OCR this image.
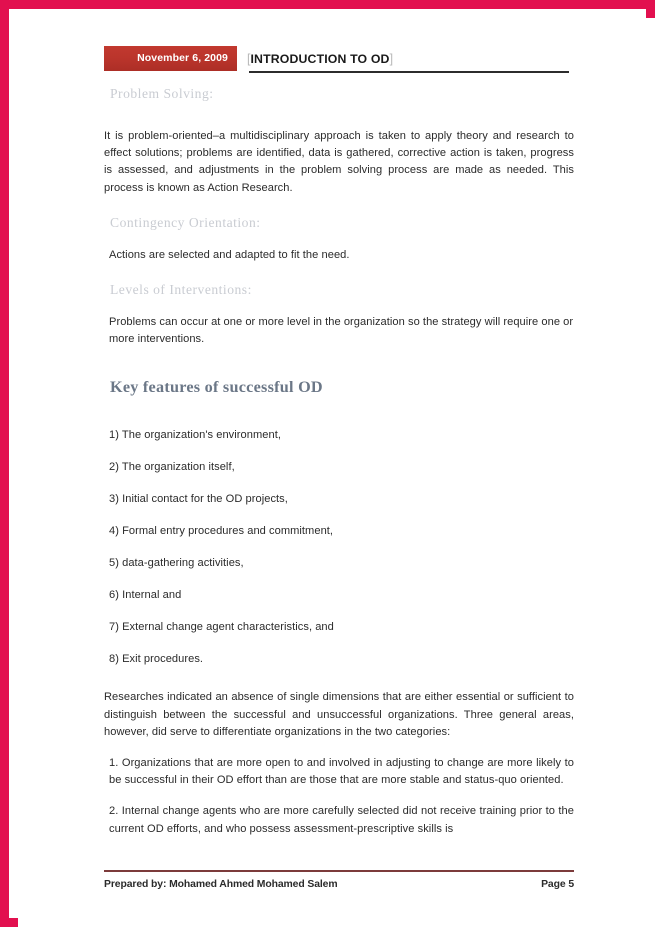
November 6, 2009	[ INTRODUCTION TO OD ]
Problem Solving:

It is problem-oriented–a multidisciplinary approach is taken to apply theory and research to effect solutions; problems are identified, data is gathered, corrective action is taken, progress is assessed, and adjustments in the problem solving process are made as needed. This process is known as Action Research.

Contingency Orientation:

Actions are selected and adapted to fit the need.

Levels of Interventions:

Problems can occur at one or more level in the organization so the strategy will require one or more interventions.

Key features of successful OD
1) The organization's environment,
2) The organization itself,
3) Initial contact for the OD projects,
4) Formal entry procedures and commitment,
5) data-gathering activities,
6) Internal and
7) External change agent characteristics, and
8) Exit procedures.

Researches indicated an absence of single dimensions that are either essential or sufficient to distinguish between the successful and unsuccessful organizations. Three general areas, however, did serve to differentiate organizations in the two categories:

1. Organizations that are more open to and involved in adjusting to change are more likely to be successful in their OD effort than are those that are more stable and status-quo oriented.

2. Internal change agents who are more carefully selected did not receive training prior to the current OD efforts, and who possess assessment-prescriptive skills is

Prepared by: Mohamed Ahmed Mohamed Salem	Page 5
